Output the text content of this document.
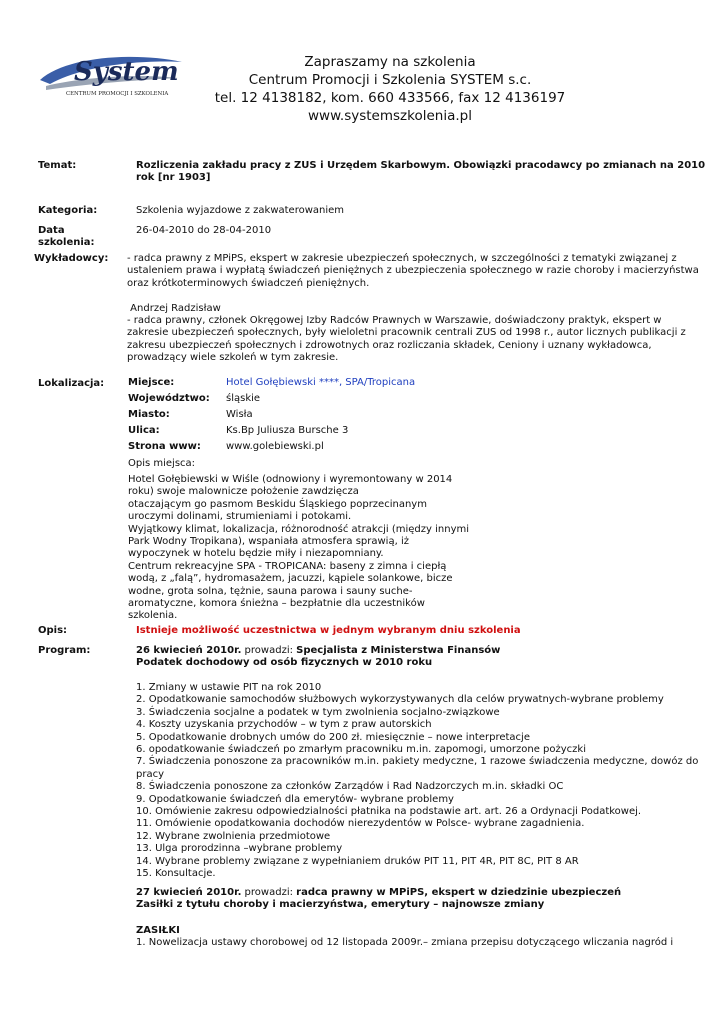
System
CENTRUM PROMOCJI I SZKOLENIA
Zapraszamy na szkolenia
Centrum Promocji i Szkolenia SYSTEM s.c.
tel. 12 4138182, kom. 660 433566, fax 12 4136197
www.systemszkolenia.pl
Temat:	Rozliczenia zakładu pracy z ZUS i Urzędem Skarbowym. Obowiązki pracodawcy po zmianach na 2010
rok [nr 1903]
Kategoria:	Szkolenia wyjazdowe z zakwaterowaniem
Data
szkolenia:
26-04-2010 do 28-04-2010
Wykładowcy: - radca prawny z MPiPS, ekspert w zakresie ubezpieczeń społecznych, w szczególności z tematyki związanej z
ustaleniem prawa i wypłatą świadczeń pieniężnych z ubezpieczenia społecznego w razie choroby i macierzyństwa
oraz krótkoterminowych świadczeń pieniężnych.
Andrzej Radzisław
- radca prawny, członek Okręgowej Izby Radców Prawnych w Warszawie, doświadczony praktyk, ekspert w
zakresie ubezpieczeń społecznych, były wieloletni pracownik centrali ZUS od 1998 r., autor licznych publikacji z
zakresu ubezpieczeń społecznych i zdrowotnych oraz rozliczania składek, Ceniony i uznany wykładowca,
prowadzący wiele szkoleń w tym zakresie.
Lokalizacja: Miejsce:	Hotel Gołębiewski ****, SPA/Tropicana
Województwo: śląskie
Miasto:	Wisła
Ulica:	Ks.Bp Juliusza Bursche 3
Strona www:	www.golebiewski.pl
Opis miejsca:
Hotel Gołębiewski w Wiśle (odnowiony i wyremontowany w 2014
roku) swoje malownicze położenie zawdzięcza
otaczającym go pasmom Beskidu Śląskiego poprzecinanym
uroczymi dolinami, strumieniami i potokami.
Wyjątkowy klimat, lokalizacja, różnorodność atrakcji (między innymi
Park Wodny Tropikana), wspaniała atmosfera sprawią, iż
wypoczynek w hotelu będzie miły i niezapomniany.
Centrum rekreacyjne SPA - TROPICANA: baseny z zimna i ciepłą
wodą, z „falą”, hydromasażem, jacuzzi, kąpiele solankowe, bicze
wodne, grota solna, tężnie, sauna parowa i sauny suche-
aromatyczne, komora śnieżna – bezpłatnie dla uczestników
szkolenia.
Opis:	Istnieje możliwość uczestnictwa w jednym wybranym dniu szkolenia
Program:	26 kwiecień 2010r. prowadzi: Specjalista z Ministerstwa Finansów
Podatek dochodowy od osób fizycznych w 2010 roku
1. Zmiany w ustawie PIT na rok 2010
2. Opodatkowanie samochodów służbowych wykorzystywanych dla celów prywatnych-wybrane problemy
3. Świadczenia socjalne a podatek w tym zwolnienia socjalno-związkowe
4. Koszty uzyskania przychodów – w tym z praw autorskich
5. Opodatkowanie drobnych umów do 200 zł. miesięcznie – nowe interpretacje
6. opodatkowanie świadczeń po zmarłym pracowniku m.in. zapomogi, umorzone pożyczki
7. Świadczenia ponoszone za pracowników m.in. pakiety medyczne, 1 razowe świadczenia medyczne, dowóz do
pracy
8. Świadczenia ponoszone za członków Zarządów i Rad Nadzorczych m.in. składki OC
9. Opodatkowanie świadczeń dla emerytów- wybrane problemy
10. Omówienie zakresu odpowiedzialności płatnika na podstawie art. art. 26 a Ordynacji Podatkowej.
11. Omówienie opodatkowania dochodów nierezydentów w Polsce- wybrane zagadnienia.
12. Wybrane zwolnienia przedmiotowe
13. Ulga prorodzinna –wybrane problemy
14. Wybrane problemy związane z wypełnianiem druków PIT 11, PIT 4R, PIT 8C, PIT 8 AR
15. Konsultacje.
27 kwiecień 2010r. prowadzi: radca prawny w MPiPS, ekspert w dziedzinie ubezpieczeń
Zasiłki z tytułu choroby i macierzyństwa, emerytury – najnowsze zmiany
ZASIŁKI
1. Nowelizacja ustawy chorobowej od 12 listopada 2009r.– zmiana przepisu dotyczącego wliczania nagród i
